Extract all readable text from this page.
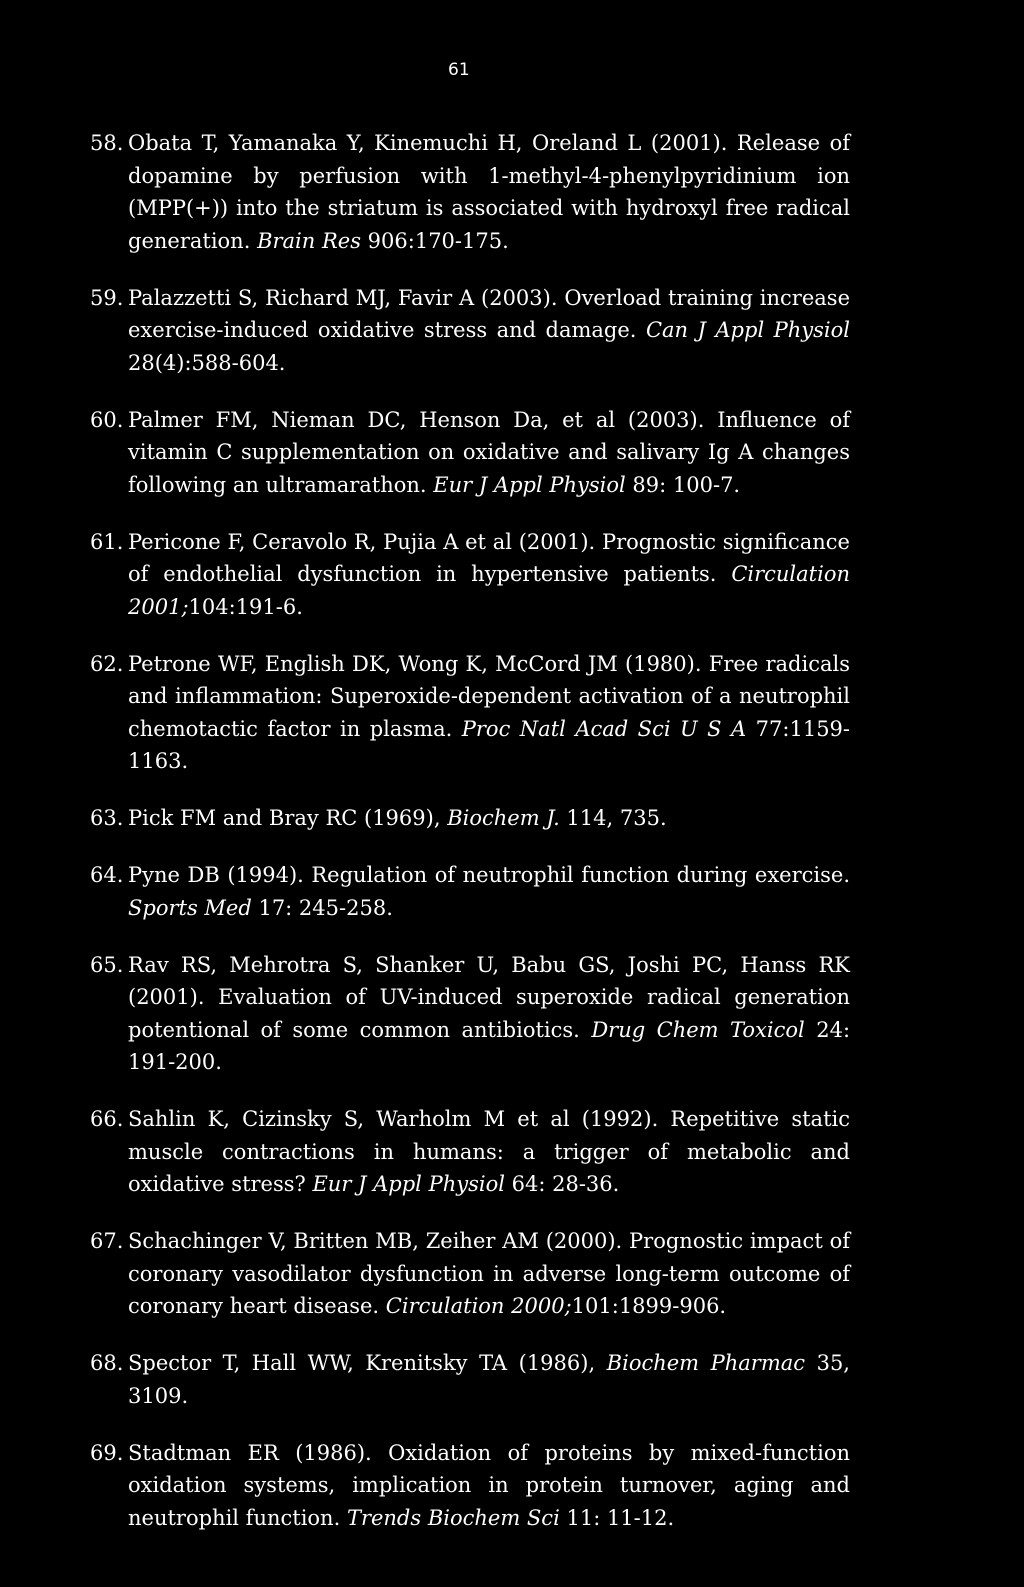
61
58. Obata T, Yamanaka Y, Kinemuchi H, Oreland L (2001). Release of dopamine by perfusion with 1-methyl-4-phenylpyridinium ion (MPP(+)) into the striatum is associated with hydroxyl free radical generation. Brain Res 906:170-175.
59. Palazzetti S, Richard MJ, Favir A (2003). Overload training increase exercise-induced oxidative stress and damage. Can J Appl Physiol 28(4):588-604.
60. Palmer FM, Nieman DC, Henson Da, et al (2003). Influence of vitamin C supplementation on oxidative and salivary Ig A changes following an ultramarathon. Eur J Appl Physiol 89: 100-7.
61. Pericone F, Ceravolo R, Pujia A et al (2001). Prognostic significance of endothelial dysfunction in hypertensive patients. Circulation 2001;104:191-6.
62. Petrone WF, English DK, Wong K, McCord JM (1980). Free radicals and inflammation: Superoxide-dependent activation of a neutrophil chemotactic factor in plasma. Proc Natl Acad Sci U S A 77:1159-1163.
63. Pick FM and Bray RC (1969), Biochem J. 114, 735.
64. Pyne DB (1994). Regulation of neutrophil function during exercise. Sports Med 17: 245-258.
65. Rav RS, Mehrotra S, Shanker U, Babu GS, Joshi PC, Hanss RK (2001). Evaluation of UV-induced superoxide radical generation potentional of some common antibiotics. Drug Chem Toxicol 24: 191-200.
66. Sahlin K, Cizinsky S, Warholm M et al (1992). Repetitive static muscle contractions in humans: a trigger of metabolic and oxidative stress? Eur J Appl Physiol 64: 28-36.
67. Schachinger V, Britten MB, Zeiher AM (2000). Prognostic impact of coronary vasodilator dysfunction in adverse long-term outcome of coronary heart disease. Circulation 2000;101:1899-906.
68. Spector T, Hall WW, Krenitsky TA (1986), Biochem Pharmac 35, 3109.
69. Stadtman ER (1986). Oxidation of proteins by mixed-function oxidation systems, implication in protein turnover, aging and neutrophil function. Trends Biochem Sci 11: 11-12.
